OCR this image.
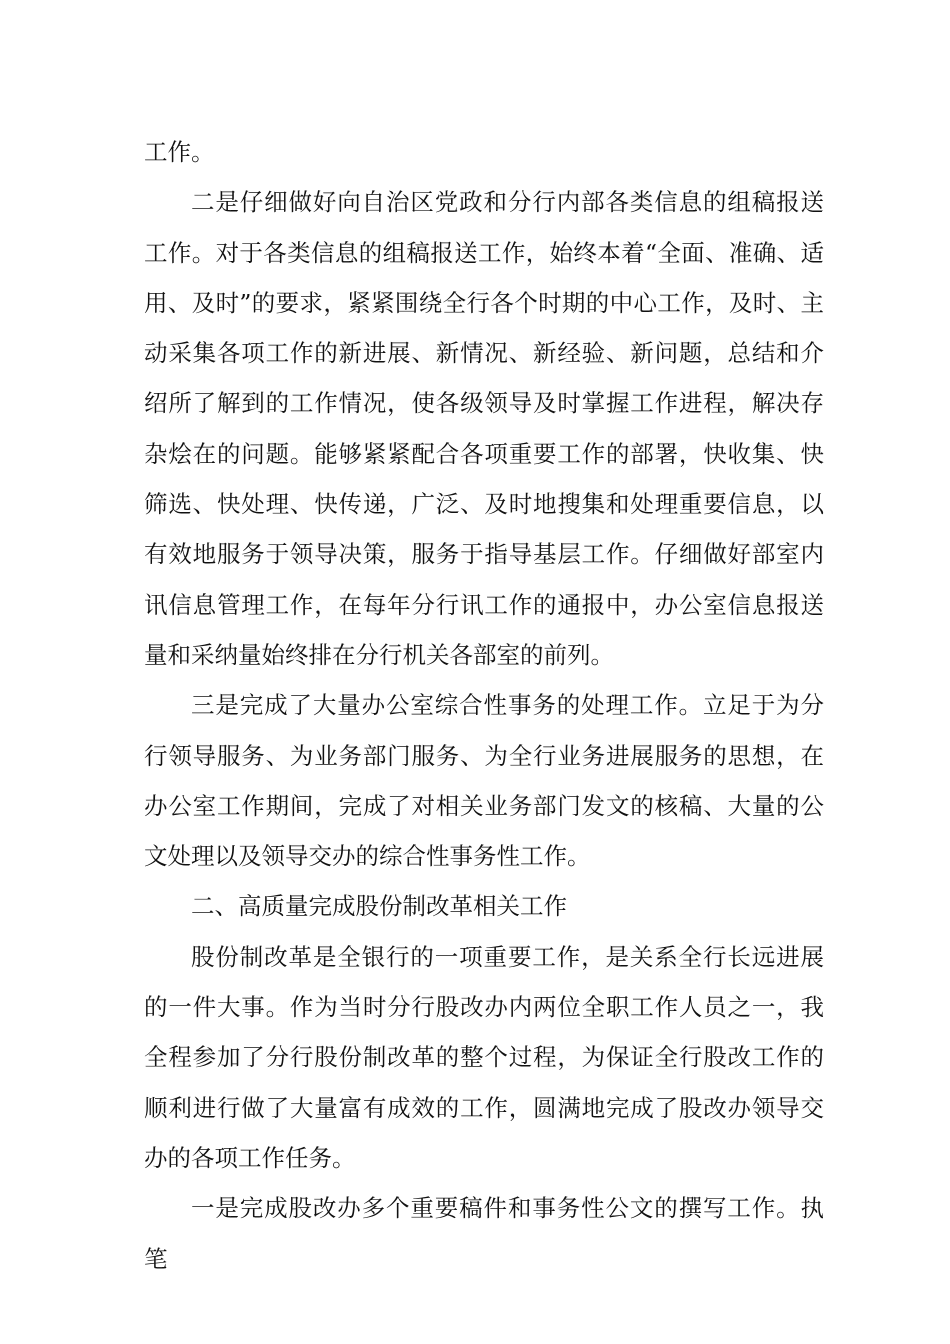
工作。

二是仔细做好向自治区党政和分行内部各类信息的组稿报送工作。对于各类信息的组稿报送工作，始终本着“全面、准确、适用、及时”的要求，紧紧围绕全行各个时期的中心工作，及时、主动采集各项工作的新进展、新情况、新经验、新问题，总结和介绍所了解到的工作情况，使各级领导及时掌握工作进程，解决存杂烩在的问题。能够紧紧配合各项重要工作的部署，快收集、快筛选、快处理、快传递，广泛、及时地搜集和处理重要信息，以有效地服务于领导决策，服务于指导基层工作。仔细做好部室内讯信息管理工作，在每年分行讯工作的通报中，办公室信息报送量和采纳量始终排在分行机关各部室的前列。

三是完成了大量办公室综合性事务的处理工作。立足于为分行领导服务、为业务部门服务、为全行业务进展服务的思想，在办公室工作期间，完成了对相关业务部门发文的核稿、大量的公文处理以及领导交办的综合性事务性工作。

二、高质量完成股份制改革相关工作

股份制改革是全银行的一项重要工作，是关系全行长远进展的一件大事。作为当时分行股改办内两位全职工作人员之一，我全程参加了分行股份制改革的整个过程，为保证全行股改工作的顺利进行做了大量富有成效的工作，圆满地完成了股改办领导交办的各项工作任务。

一是完成股改办多个重要稿件和事务性公文的撰写工作。执笔
